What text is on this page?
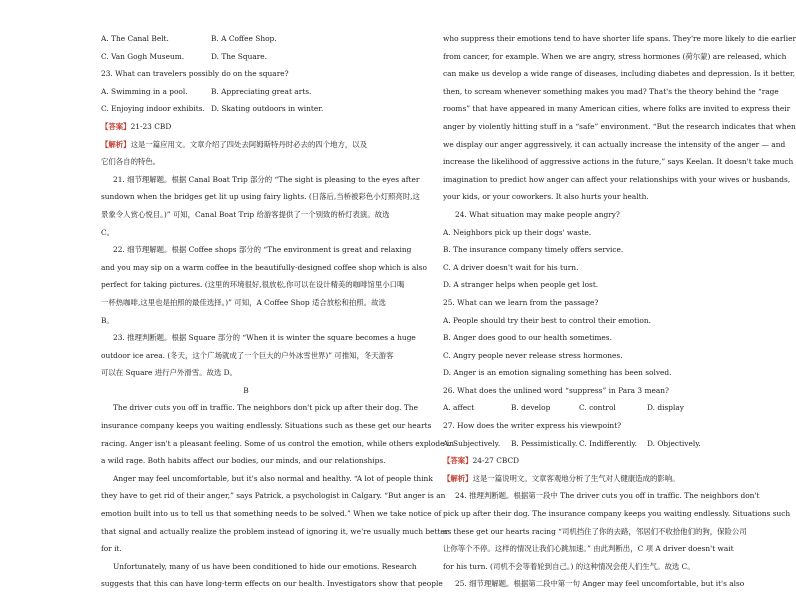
A. The Canal Belt.	B. A Coffee Shop.
C. Van Gogh Museum.	D. The Square.
23. What can travelers possibly do on the square?
A. Swimming in a pool.	B. Appreciating great arts.
C. Enjoying indoor exhibits. D. Skating outdoors in winter.
【答案】21-23 CBD
【解析】这是一篇应用文。文章介绍了四处去阿姆斯特丹时必去的四个地方，以及
它们各自的特色。
21. 细节理解题。根据 Canal Boat Trip 部分的 “The sight is pleasing to the eyes after
sundown when the bridges get lit up using fairy lights. (日落后,当桥被彩色小灯照亮时,这
景象令人赏心悦目。)” 可知，Canal Boat Trip 给游客提供了一个别致的桥灯表演。故选
C。
22. 细节理解题。根据 Coffee shops 部分的 “The environment is great and relaxing
and you may sip on a warm coffee in the beautifully-designed coffee shop which is also
perfect for taking pictures. (这里的环境很好,很放松,你可以在设计精美的咖啡馆里小口喝
一杯热咖啡,这里也是拍照的最佳选择。)” 可知，A Coffee Shop 适合放松和拍照。故选
B。
23. 推理判断题。根据 Square 部分的 “When it is winter the square becomes a huge
outdoor ice area. (冬天，这个广场就成了一个巨大的户外冰雪世界)” 可推知，冬天游客
可以在 Square 进行户外滑雪。故选 D。
B
The driver cuts you off in traffic. The neighbors don't pick up after their dog. The
insurance company keeps you waiting endlessly. Situations such as these get our hearts
racing. Anger isn't a pleasant feeling. Some of us control the emotion, while others explode in
a wild rage. Both habits affect our bodies, our minds, and our relationships.
Anger may feel uncomfortable, but it's also normal and healthy. “A lot of people think
they have to get rid of their anger,” says Patrick, a psychologist in Calgary. “But anger is an
emotion built into us to tell us that something needs to be solved.” When we take notice of
that signal and actually realize the problem instead of ignoring it, we're usually much better
for it.
Unfortunately, many of us have been conditioned to hide our emotions. Research
suggests that this can have long-term effects on our health. Investigators show that people
who suppress their emotions tend to have shorter life spans. They're more likely to die earlier
from cancer, for example. When we are angry, stress hormones (荷尔蒙) are released, which
can make us develop a wide range of diseases, including diabetes and depression. Is it better,
then, to scream whenever something makes you mad? That's the theory behind the “rage
rooms” that have appeared in many American cities, where folks are invited to express their
anger by violently hitting stuff in a “safe” environment. “But the research indicates that when
we display our anger aggressively, it can actually increase the intensity of the anger — and
increase the likelihood of aggressive actions in the future,” says Keelan. It doesn't take much
imagination to predict how anger can affect your relationships with your wives or husbands,
your kids, or your coworkers. It also hurts your health.
24. What situation may make people angry?
A. Neighbors pick up their dogs' waste.
B. The insurance company timely offers service.
C. A driver doesn't wait for his turn.
D. A stranger helps when people get lost.
25. What can we learn from the passage?
A. People should try their best to control their emotion.
B. Anger does good to our health sometimes.
C. Angry people never release stress hormones.
D. Anger is an emotion signaling something has been solved.
26. What does the unlined word “suppress” in Para 3 mean?
A. affect	B. develop	C. control	D. display
27. How does the writer express his viewpoint?
A. Subjectively. B. Pessimistically. C. Indifferently. D. Objectively.
【答案】24-27 CBCD
【解析】这是一篇说明文。文章客观地分析了生气对人健康造成的影响。
24. 推理判断题。根据第一段中 The driver cuts you off in traffic. The neighbors don't
pick up after their dog. The insurance company keeps you waiting endlessly. Situations such
as these get our hearts racing “司机挡住了你的去路，邻居们不收拾他们的狗，保险公司
让你等个不停。这样的情况让我们心跳加速。” 由此判断出，C 项 A driver doesn't wait
for his turn. (司机不会等着轮到自己。) 的这种情况会使人们生气。故选 C。
25. 细节理解题。根据第二段中第一句 Anger may feel uncomfortable, but it's also
